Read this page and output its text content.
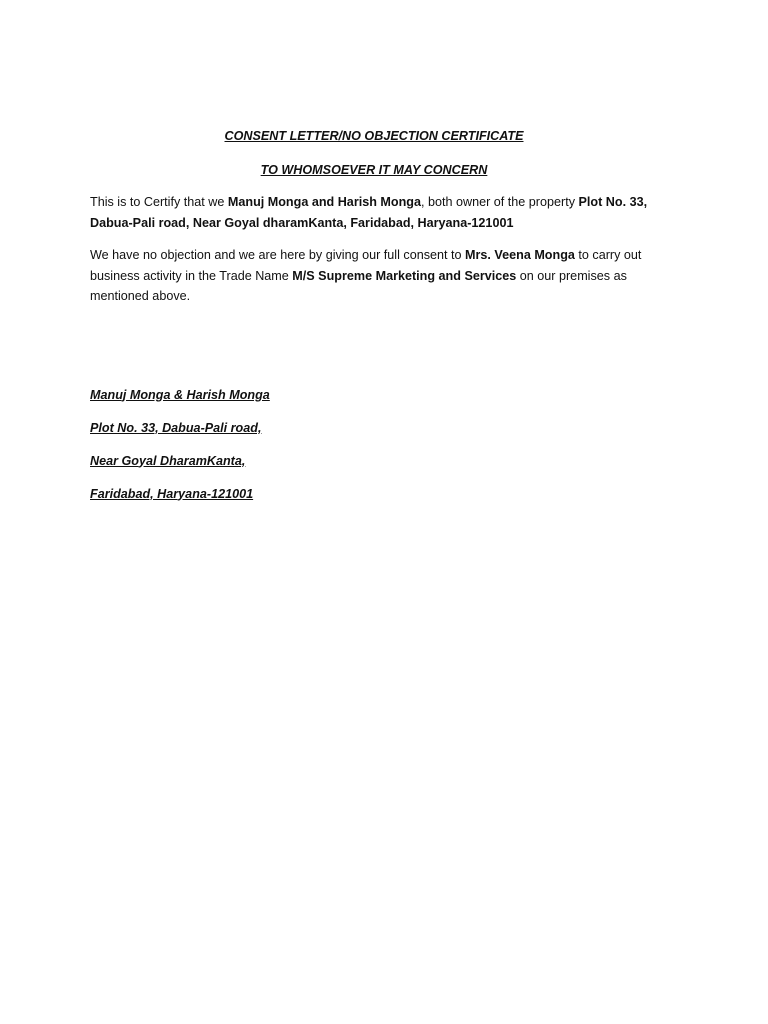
CONSENT LETTER/NO OBJECTION CERTIFICATE

TO WHOMSOEVER IT MAY CONCERN

This is to Certify that we Manuj Monga and Harish Monga, both owner of the property Plot No. 33, Dabua-Pali road, Near Goyal dharamKanta, Faridabad, Haryana-121001

We have no objection and we are here by giving our full consent to Mrs. Veena Monga to carry out business activity in the Trade Name M/S Supreme Marketing and Services on our premises as mentioned above.

Manuj Monga & Harish Monga

Plot No. 33, Dabua-Pali road,

Near Goyal DharamKanta,

Faridabad, Haryana-121001
